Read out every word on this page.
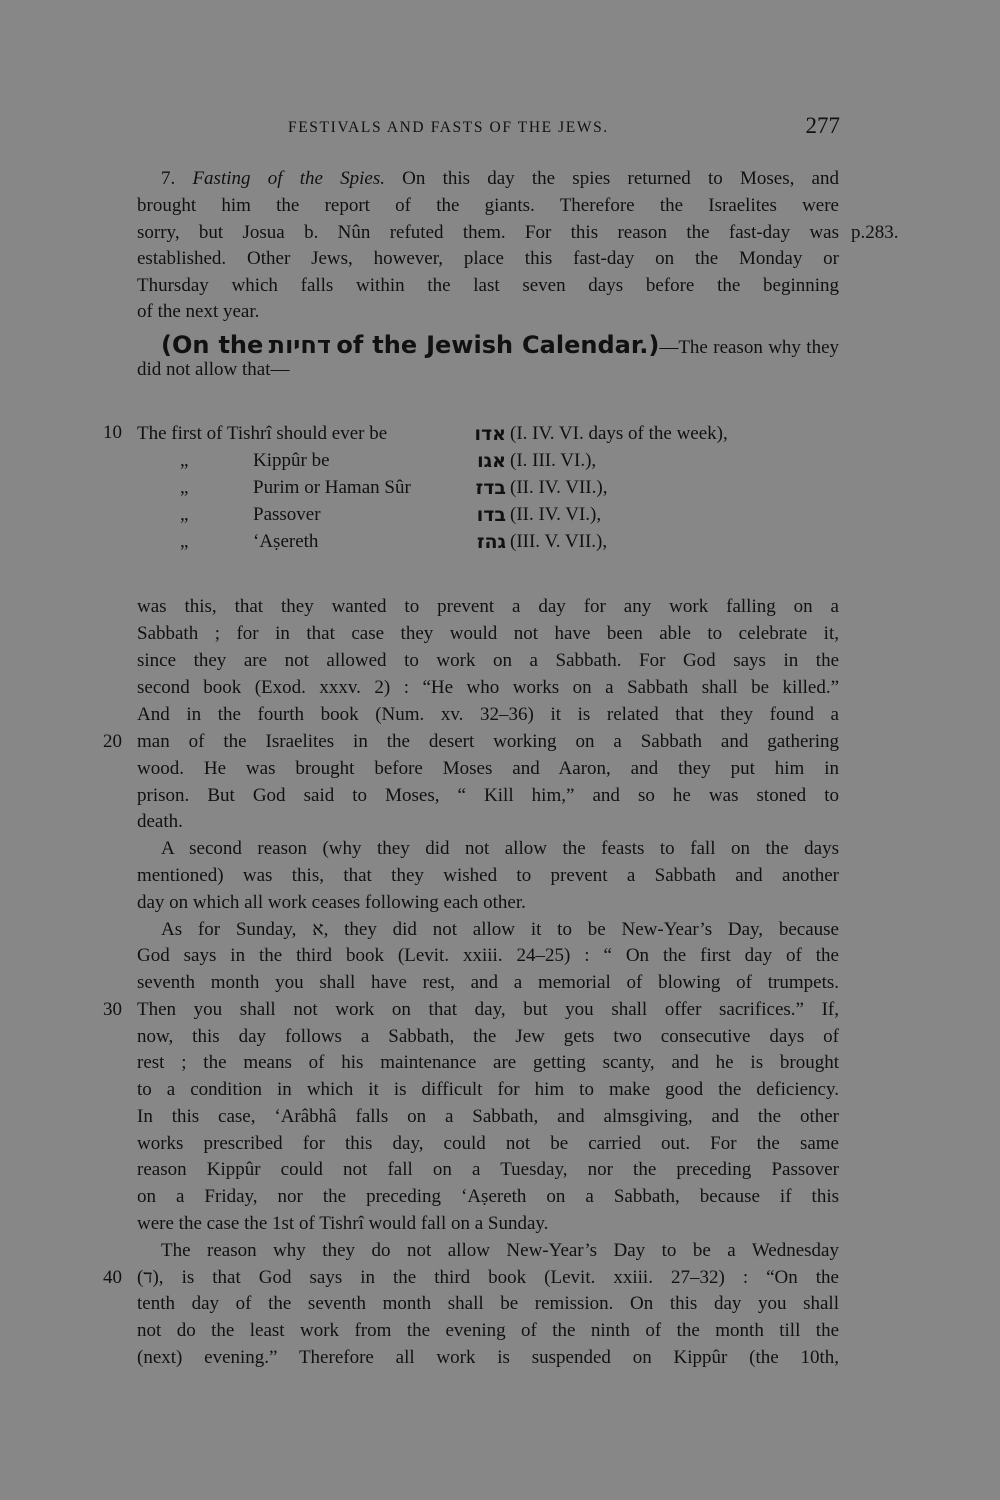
FESTIVALS AND FASTS OF THE JEWS.	277
7. Fasting of the Spies. On this day the spies returned to Moses, and
brought him the report of the giants. Therefore the Israelites were
sorry, but Josua b. Nûn refuted them. For this reason the fast-day was p.283.
established. Other Jews, however, place this fast-day on the Monday or
Thursday which falls within the last seven days before the beginning
of the next year.
(On the דחיות of the Jewish Calendar.)—The reason why they
did not allow that—
10 The first of Tishrî should ever be	אדו (I. IV. VI. days of the week),
„	Kippûr be	אגו (I. III. VI.),
„	Purim or Haman Sûr	בדז (II. IV. VII.),
„	Passover	בדו (II. IV. VI.),
„	‘Aṣereth	גהז (III. V. VII.),
was this, that they wanted to prevent a day for any work falling on a
Sabbath ; for in that case they would not have been able to celebrate it,
since they are not allowed to work on a Sabbath. For God says in the
second book (Exod. xxxv. 2) : “He who works on a Sabbath shall be killed.”
And in the fourth book (Num. xv. 32–36) it is related that they found a
20 man of the Israelites in the desert working on a Sabbath and gathering
wood. He was brought before Moses and Aaron, and they put him in
prison. But God said to Moses, “ Kill him,” and so he was stoned to
death.
A second reason (why they did not allow the feasts to fall on the days
mentioned) was this, that they wished to prevent a Sabbath and another
day on which all work ceases following each other.
As for Sunday, א, they did not allow it to be New-Year’s Day, because
God says in the third book (Levit. xxiii. 24–25) : “ On the first day of the
seventh month you shall have rest, and a memorial of blowing of trumpets.
30 Then you shall not work on that day, but you shall offer sacrifices.” If,
now, this day follows a Sabbath, the Jew gets two consecutive days of
rest ; the means of his maintenance are getting scanty, and he is brought
to a condition in which it is difficult for him to make good the deficiency.
In this case, ‘Arâbhâ falls on a Sabbath, and almsgiving, and the other
works prescribed for this day, could not be carried out. For the same
reason Kippûr could not fall on a Tuesday, nor the preceding Passover
on a Friday, nor the preceding ‘Aṣereth on a Sabbath, because if this
were the case the 1st of Tishrî would fall on a Sunday.
The reason why they do not allow New-Year’s Day to be a Wednesday
40 (ד), is that God says in the third book (Levit. xxiii. 27–32) : “On the
tenth day of the seventh month shall be remission. On this day you shall
not do the least work from the evening of the ninth of the month till the
(next) evening.” Therefore all work is suspended on Kippûr (the 10th,
